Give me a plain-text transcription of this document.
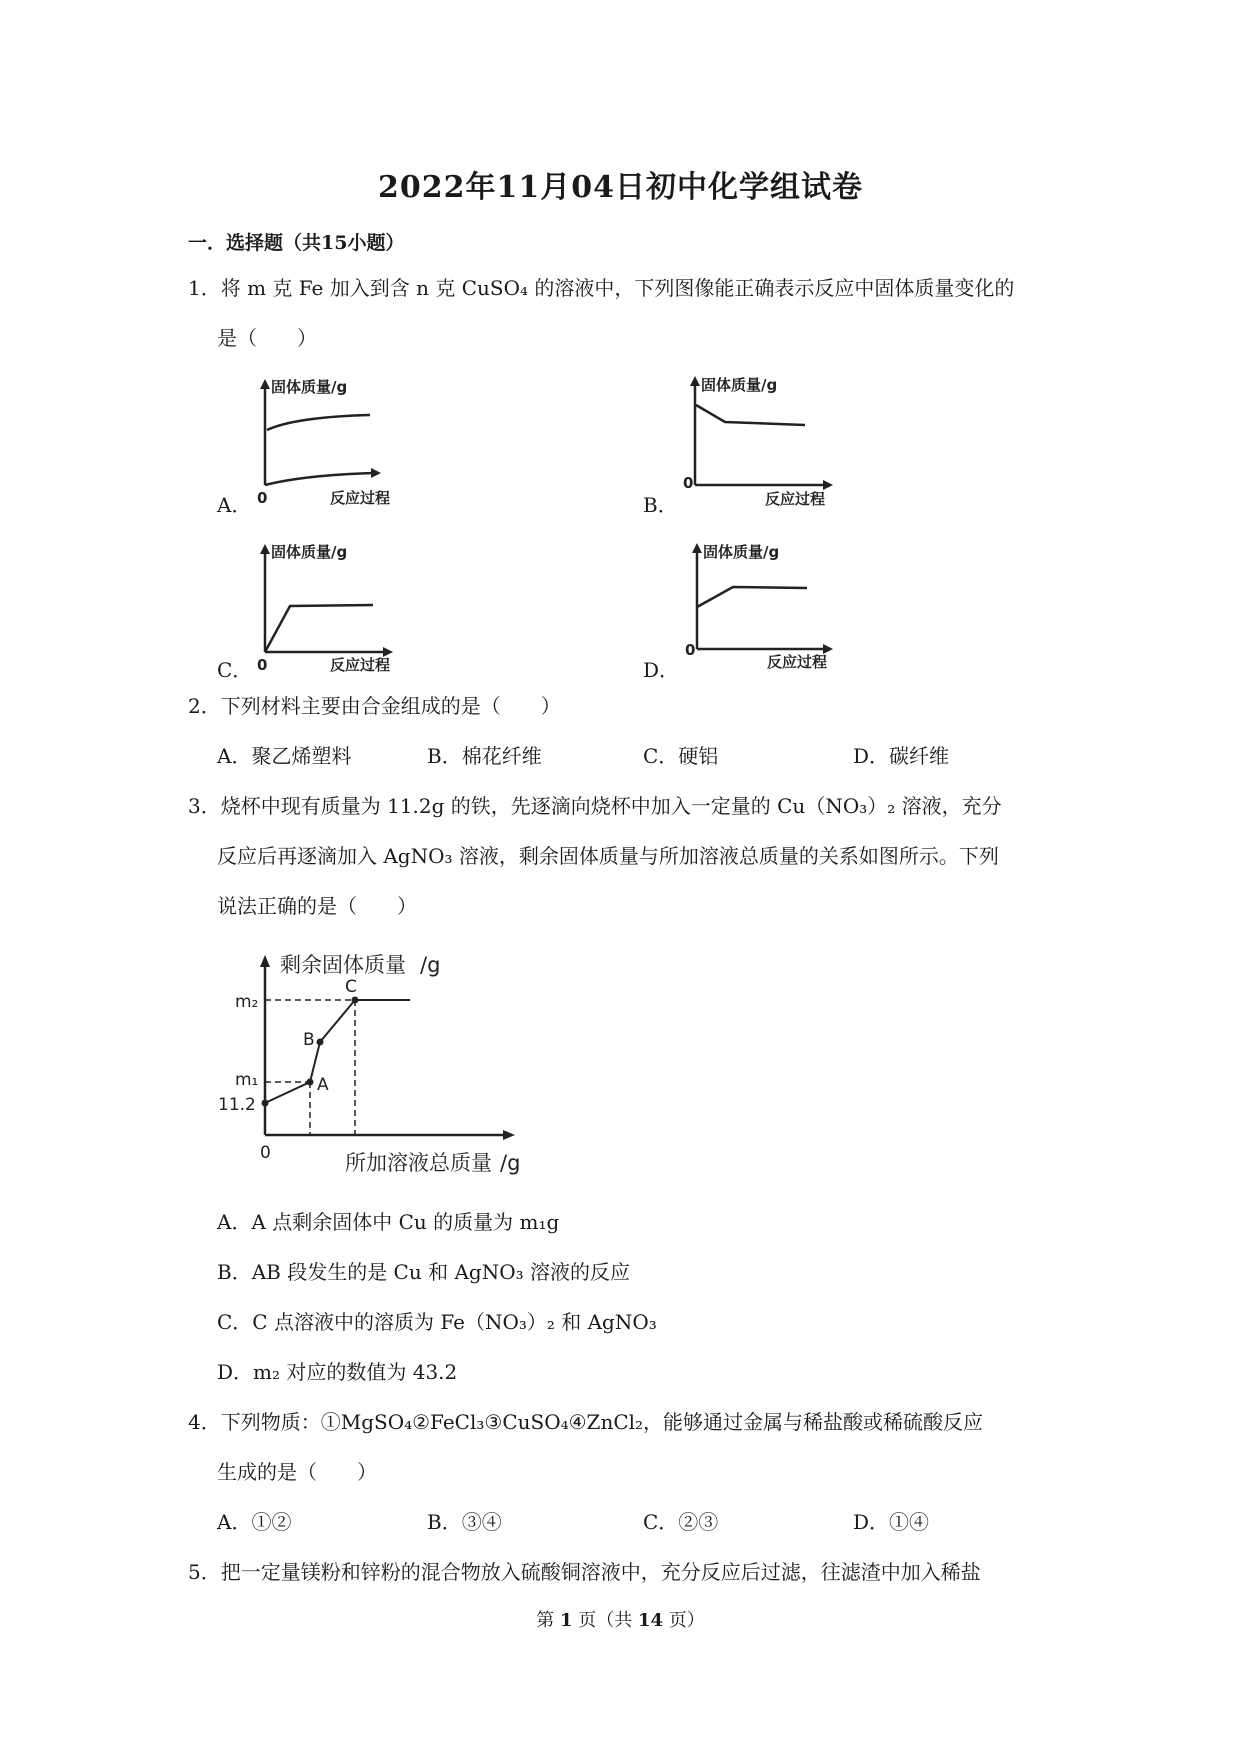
2022年11月04日初中化学组试卷
一．选择题（共15小题）
1．将 m 克 Fe 加入到含 n 克 CuSO₄ 的溶液中，下列图像能正确表示反应中固体质量变化的
是（　　）
A．
固体质量/g
0	反应过程	B．
固体质量/g
0
反应过程
C．
固体质量/g
0	反应过程	D．
固体质量/g
0
反应过程
2．下列材料主要由合金组成的是（　　）
A．聚乙烯塑料	B．棉花纤维	C．硬铝	D．碳纤维
3．烧杯中现有质量为 11.2g 的铁，先逐滴向烧杯中加入一定量的 Cu（NO₃）₂ 溶液，充分
反应后再逐滴加入 AgNO₃ 溶液，剩余固体质量与所加溶液总质量的关系如图所示。下列
说法正确的是（　　）
剩余固体质量 /g
所加溶液总质量 /g
m₂
m₁
11.2
0
A
B
C
A．A 点剩余固体中 Cu 的质量为 m₁g
B．AB 段发生的是 Cu 和 AgNO₃ 溶液的反应
C．C 点溶液中的溶质为 Fe（NO₃）₂ 和 AgNO₃
D．m₂ 对应的数值为 43.2
4．下列物质：①MgSO₄②FeCl₃③CuSO₄④ZnCl₂，能够通过金属与稀盐酸或稀硫酸反应
生成的是（　　）
A．①②	B．③④	C．②③	D．①④
5．把一定量镁粉和锌粉的混合物放入硫酸铜溶液中，充分反应后过滤，往滤渣中加入稀盐
第 1 页（共 14 页）
